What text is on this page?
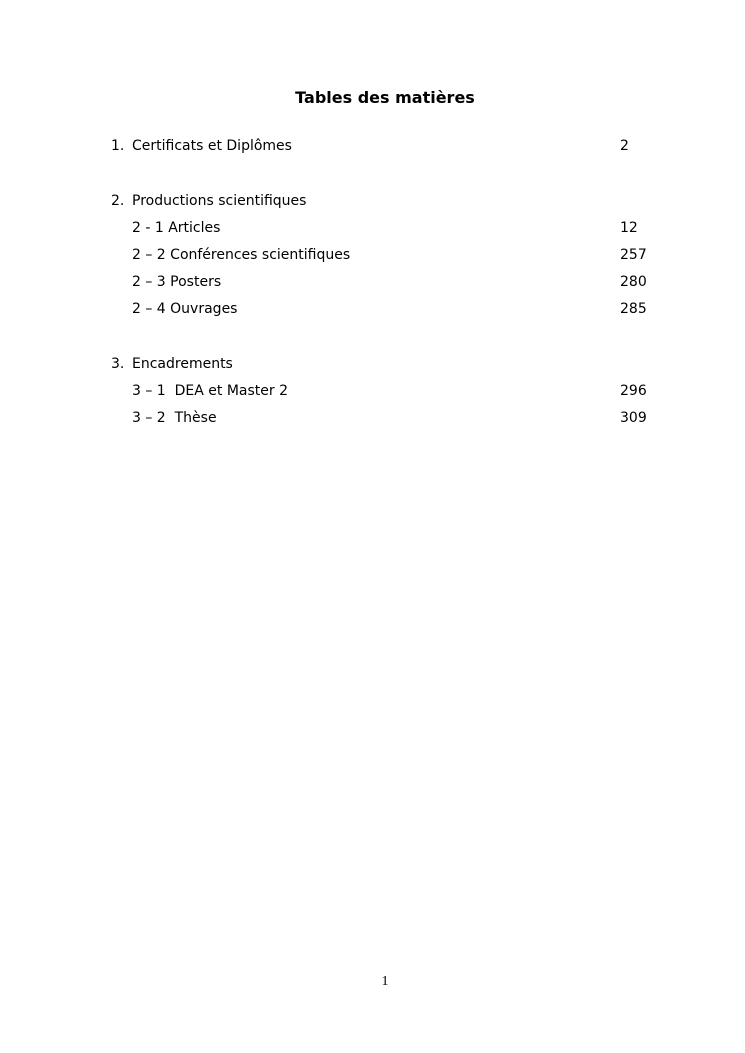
Tables des matières
1. Certificats et Diplômes	2
2. Productions scientifiques
2 - 1 Articles	12
2 – 2 Conférences scientifiques	257
2 – 3 Posters	280
2 – 4 Ouvrages	285
3. Encadrements
3 – 1  DEA et Master 2	296
3 – 2  Thèse	309
1
